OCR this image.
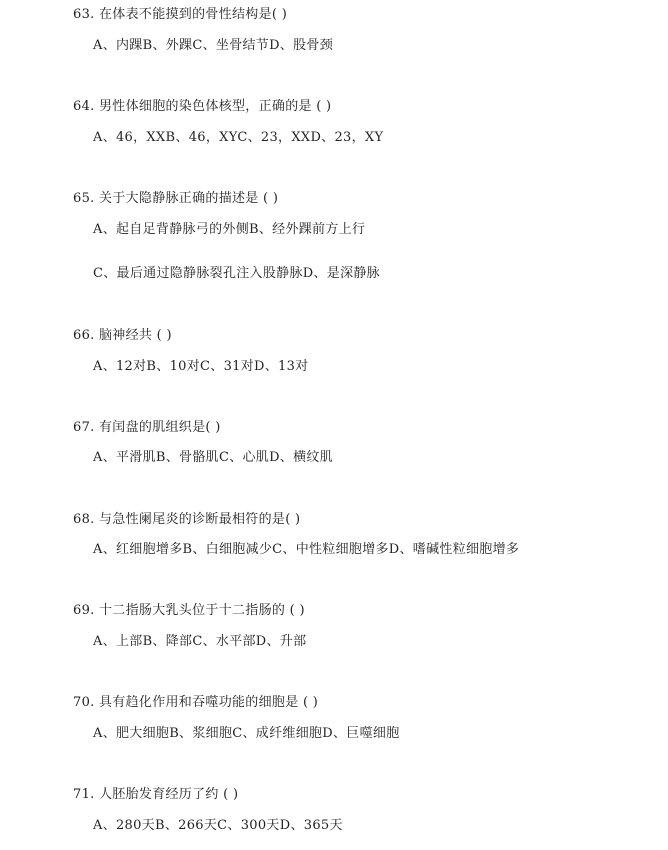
63. 在体表不能摸到的骨性结构是( )
A、内踝B、外踝C、坐骨结节D、股骨颈
64. 男性体细胞的染色体核型，正确的是 ( )
A、46，XXB、46，XYC、23，XXD、23，XY
65. 关于大隐静脉正确的描述是 ( )
A、起自足背静脉弓的外侧B、经外踝前方上行
C、最后通过隐静脉裂孔注入股静脉D、是深静脉
66. 脑神经共 ( )
A、12对B、10对C、31对D、13对
67. 有闰盘的肌组织是( )
A、平滑肌B、骨骼肌C、心肌D、横纹肌
68. 与急性阑尾炎的诊断最相符的是( )
A、红细胞增多B、白细胞减少C、中性粒细胞增多D、嗜碱性粒细胞增多
69. 十二指肠大乳头位于十二指肠的 ( )
A、上部B、降部C、水平部D、升部
70. 具有趋化作用和吞噬功能的细胞是 ( )
A、肥大细胞B、浆细胞C、成纤维细胞D、巨噬细胞
71. 人胚胎发育经历了约 ( )
A、280天B、266天C、300天D、365天
